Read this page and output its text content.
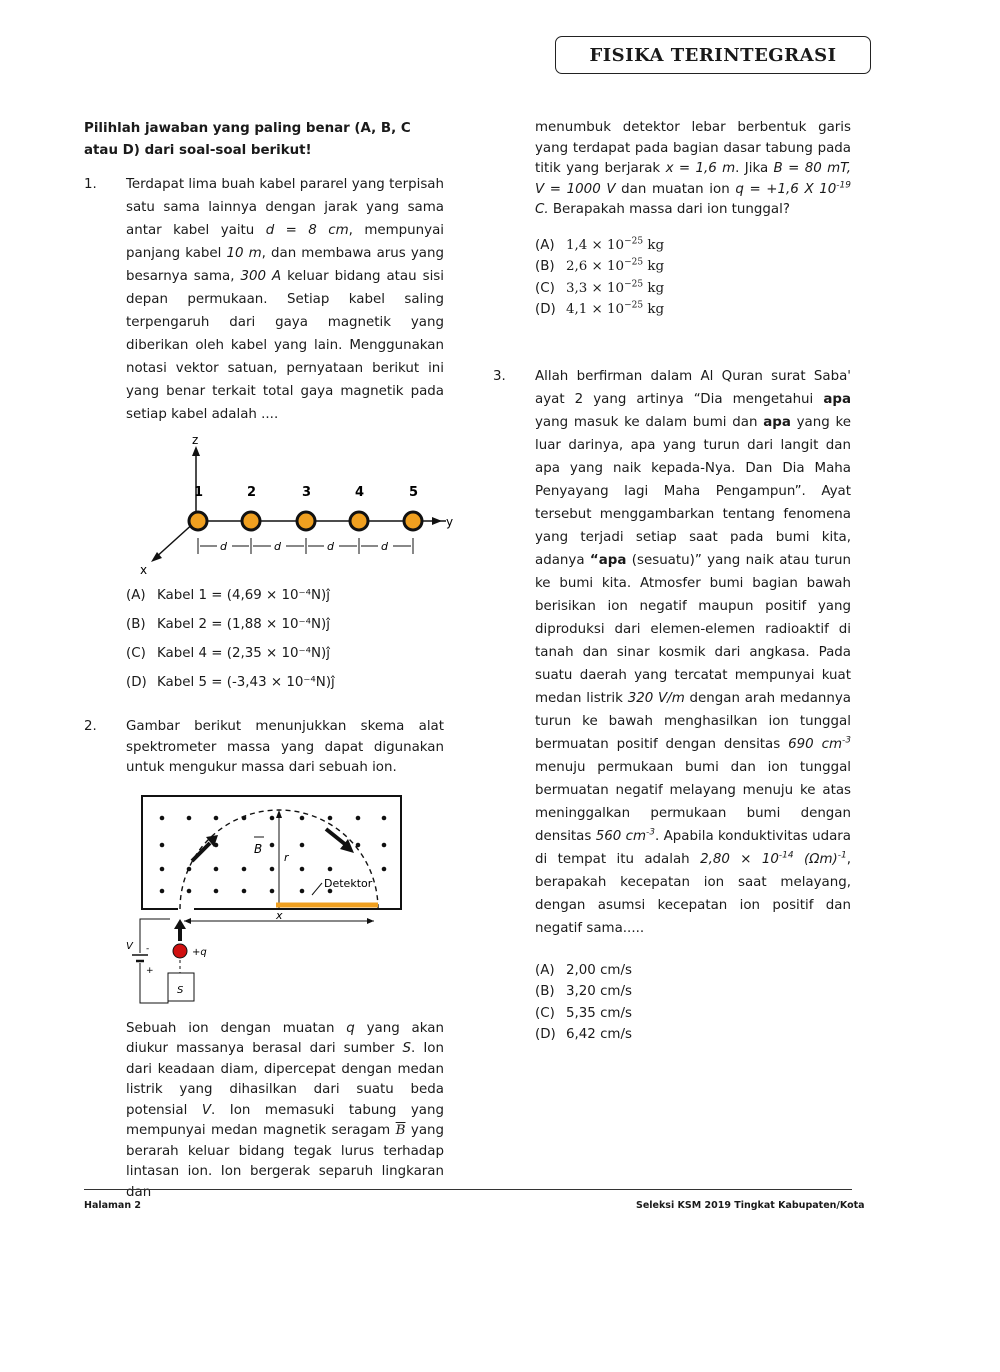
FISIKA TERINTEGRASI

Pilihlah jawaban yang paling benar (A, B, C atau D) dari soal-soal berikut!

1. Terdapat lima buah kabel pararel yang terpisah satu sama lainnya dengan jarak yang sama antar kabel yaitu d = 8 cm, mempunyai panjang kabel 10 m, dan membawa arus yang besarnya sama, 300 A keluar bidang atau sisi depan permukaan. Setiap kabel saling terpengaruh dari gaya magnetik yang diberikan oleh kabel yang lain. Menggunakan notasi vektor satuan, pernyataan berikut ini yang benar terkait total gaya magnetik pada setiap kabel adalah ....

z
y
x
1	2	3	4	5
d	d	d	d
(A) Kabel 1 = (4,69 × 10⁻⁴N)ĵ
(B) Kabel 2 = (1,88 × 10⁻⁴N)ĵ
(C) Kabel 4 = (2,35 × 10⁻⁴N)ĵ
(D) Kabel 5 = (-3,43 × 10⁻⁴N)ĵ
2. Gambar berikut menunjukkan skema alat spektrometer massa yang dapat digunakan untuk mengukur massa dari sebuah ion.

B
r
Detektor
x
+q
S
V
+
-

Sebuah ion dengan muatan q yang akan diukur massanya berasal dari sumber S. Ion dari keadaan diam, dipercepat dengan medan listrik yang dihasilkan dari suatu beda potensial V. Ion memasuki tabung yang mempunyai medan magnetik seragam $\overline{B}$ yang berarah keluar bidang tegak lurus terhadap lintasan ion. Ion bergerak separuh lingkaran dan

menumbuk detektor lebar berbentuk garis yang terdapat pada bagian dasar tabung pada titik yang berjarak x = 1,6 m. Jika B = 80 mT, V = 1000 V dan muatan ion q = +1,6 X $10^{-19}$ C. Berapakah massa dari ion tunggal?

(A) $1,4 \times 10^{-25}$ kg
(B) $2,6 \times 10^{-25}$ kg
(C) $3,3 \times 10^{-25}$ kg
(D) $4,1 \times 10^{-25}$ kg
3. Allah berfirman dalam Al Quran surat Saba' ayat 2 yang artinya “Dia mengetahui apa yang masuk ke dalam bumi dan apa yang ke luar darinya, apa yang turun dari langit dan apa yang naik kepada-Nya. Dan Dia Maha Penyayang lagi Maha Pengampun”. Ayat tersebut menggambarkan tentang fenomena yang terjadi setiap saat pada bumi kita, adanya “apa (sesuatu)” yang naik atau turun ke bumi kita. Atmosfer bumi bagian bawah berisikan ion negatif maupun positif yang diproduksi dari elemen-elemen radioaktif di tanah dan sinar kosmik dari angkasa. Pada suatu daerah yang tercatat mempunyai kuat medan listrik 320 V/m dengan arah medannya turun ke bawah menghasilkan ion tunggal bermuatan positif dengan densitas 690 $cm^{-3}$ menuju permukaan bumi dan ion tunggal bermuatan negatif melayang menuju ke atas meninggalkan permukaan bumi dengan densitas 560 $cm^{-3}$. Apabila konduktivitas udara di tempat itu adalah $2,80 \times 10^{-14}$ $(\Omega m)^{-1}$, berapakah kecepatan ion saat melayang, dengan asumsi kecepatan ion positif dan negatif sama.....

(A) 2,00 cm/s
(B) 3,20 cm/s
(C) 5,35 cm/s
(D) 6,42 cm/s
Halaman 2	Seleksi KSM 2019 Tingkat Kabupaten/Kota
